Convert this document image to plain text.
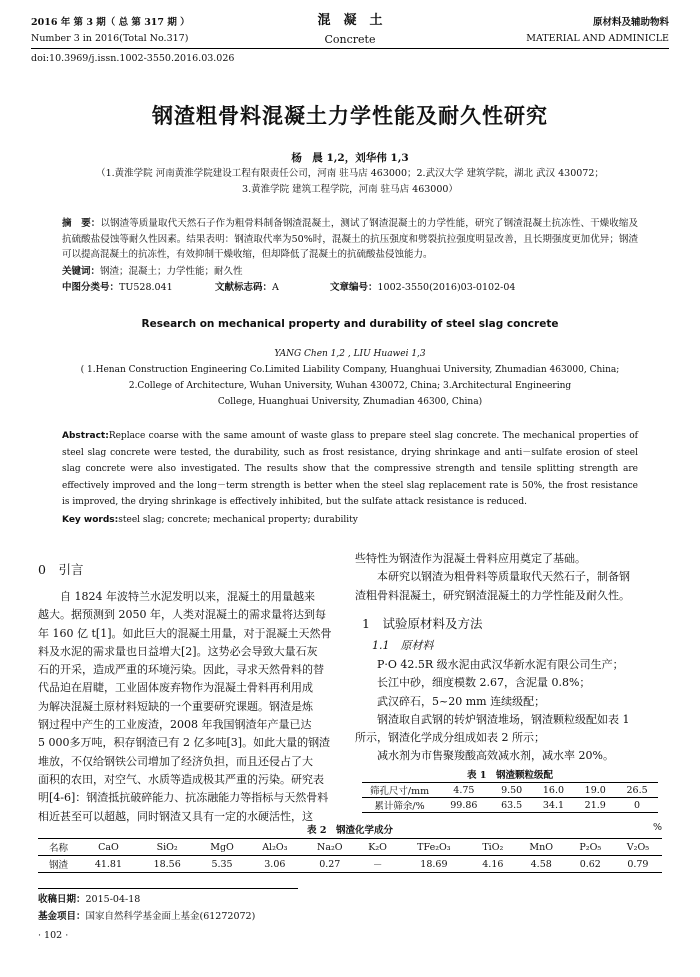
2016 年 第 3 期（ 总 第 317 期 ）
Number 3 in 2016(Total No.317)
混　凝　土
Concrete
原材料及辅助物料
MATERIAL AND ADMINICLE
doi:10.3969/j.issn.1002-3550.2016.03.026
钢渣粗骨料混凝土力学性能及耐久性研究
杨　晨 1,2，刘华伟 1,3
（1.黄淮学院 河南黄淮学院建设工程有限责任公司，河南 驻马店 463000；2.武汉大学 建筑学院，湖北 武汉 430072；
3.黄淮学院 建筑工程学院，河南 驻马店 463000）
摘　要：以钢渣等质量取代天然石子作为粗骨料制备钢渣混凝土，测试了钢渣混凝土的力学性能，研究了钢渣混凝土抗冻性、干燥收缩及抗硫酸盐侵蚀等耐久性因素。结果表明：钢渣取代率为50%时，混凝土的抗压强度和劈裂抗拉强度明显改善，且长期强度更加优异；钢渣可以提高混凝土的抗冻性，有效抑制干燥收缩，但却降低了混凝土的抗硫酸盐侵蚀能力。
关键词：钢渣；混凝土；力学性能；耐久性
中图分类号：TU528.041	文献标志码：A	文章编号：1002-3550(2016)03-0102-04
Research on mechanical property and durability of steel slag concrete
YANG Chen 1,2 , LIU Huawei 1,3
( 1.Henan Construction Engineering Co.Limited Liability Company, Huanghuai University, Zhumadian 463000, China;
2.College of Architecture, Wuhan University, Wuhan 430072, China; 3.Architectural Engineering
College, Huanghuai University, Zhumadian 46300, China)
Abstract:Replace coarse with the same amount of waste glass to prepare steel slag concrete. The mechanical properties of steel slag concrete were tested, the durability, such as frost resistance, drying shrinkage and anti－sulfate erosion of steel slag concrete were also investigated. The results show that the compressive strength and tensile splitting strength are effectively improved and the long－term strength is better when the steel slag replacement rate is 50%, the frost resistance is improved, the drying shrinkage is effectively inhibited, but the sulfate attack resistance is reduced.
Key words:steel slag; concrete; mechanical property; durability
0　引言
自 1824 年波特兰水泥发明以来，混凝土的用量越来
越大。据预测到 2050 年，人类对混凝土的需求量将达到每
年 160 亿 t[1]。如此巨大的混凝土用量，对于混凝土天然骨
料及水泥的需求量也日益增大[2]。这势必会导致大量石灰
石的开采，造成严重的环境污染。因此，寻求天然骨料的替
代品迫在眉睫，工业固体废弃物作为混凝土骨料再利用成
为解决混凝土原材料短缺的一个重要研究课题。钢渣是炼
钢过程中产生的工业废渣，2008 年我国钢渣年产量已达
5 000多万吨，积存钢渣已有 2 亿多吨[3]。如此大量的钢渣
堆放，不仅给钢铁公司增加了经济负担，而且还侵占了大
面积的农田，对空气、水质等造成极其严重的污染。研究表
明[4-6]：钢渣抵抗破碎能力、抗冻融能力等指标与天然骨料
相近甚至可以超越，同时钢渣又具有一定的水硬活性，这
些特性为钢渣作为混凝土骨料应用奠定了基础。
本研究以钢渣为粗骨料等质量取代天然石子，制备钢
渣粗骨料混凝土，研究钢渣混凝土的力学性能及耐久性。
1　试验原材料及方法
1.1　原材料
P·O 42.5R 级水泥由武汉华新水泥有限公司生产；
长江中砂，细度模数 2.67，含泥量 0.8%；
武汉碎石，5~20 mm 连续级配；
钢渣取自武钢的转炉钢渣堆场，钢渣颗粒级配如表 1
所示，钢渣化学成分组成如表 2 所示；
减水剂为市售聚羧酸高效减水剂，减水率 20%。
表 1　钢渣颗粒级配
筛孔尺寸/mm	4.75	9.50	16.0	19.0	26.5
累计筛余/%	99.86	63.5	34.1	21.9	0
表 2　钢渣化学成分	%
名称	CaO	SiO₂	MgO	Al₂O₃	Na₂O	K₂O	TFe₂O₃	TiO₂	MnO	P₂O₅	V₂O₅
钢渣	41.81	18.56	5.35	3.06	0.27	－	18.69	4.16	4.58	0.62	0.79
收稿日期：2015-04-18
基金项目：国家自然科学基金面上基金(61272072)
· 102 ·
